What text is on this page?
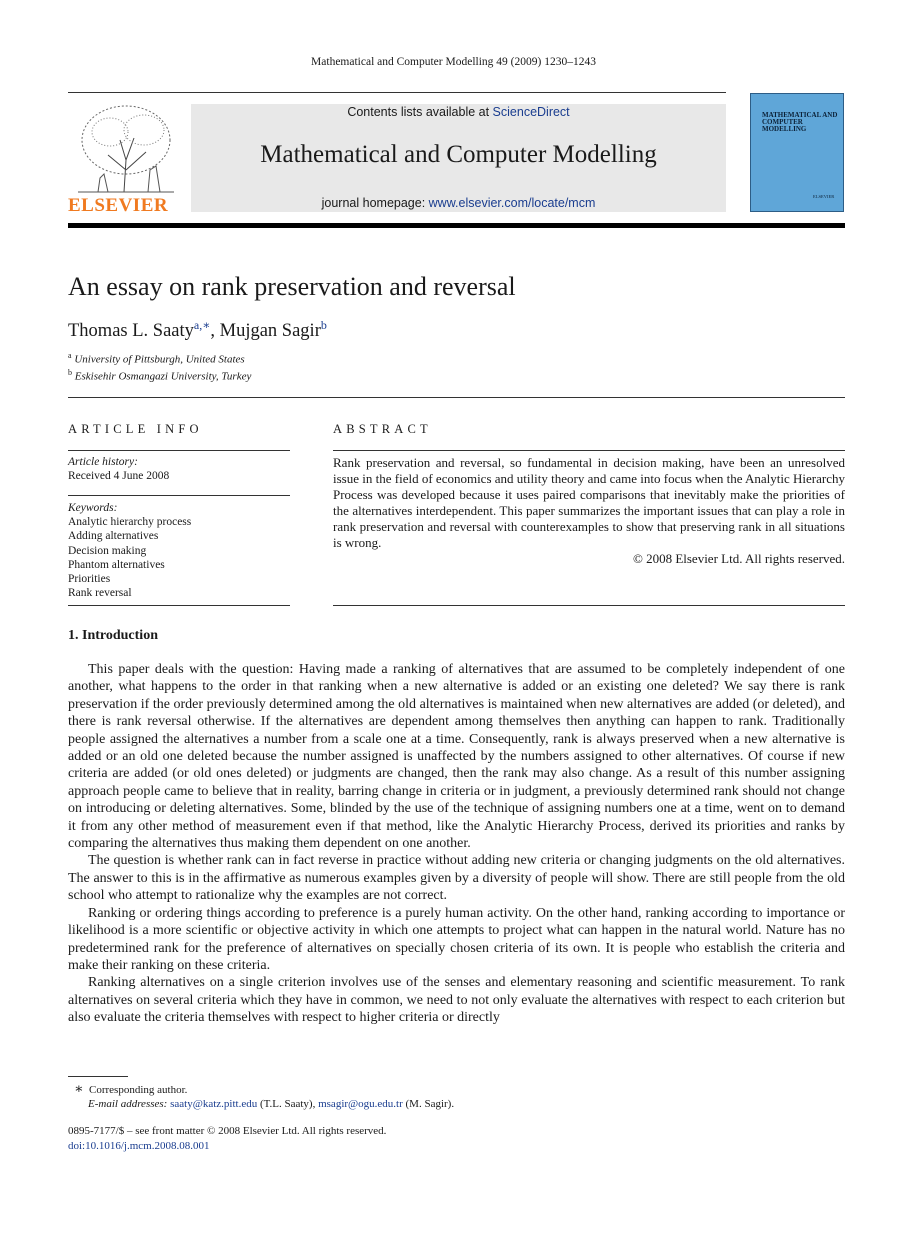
Mathematical and Computer Modelling 49 (2009) 1230–1243
ELSEVIER
Contents lists available at ScienceDirect
Mathematical and Computer Modelling
journal homepage: www.elsevier.com/locate/mcm
MATHEMATICAL AND COMPUTER MODELLING
ELSEVIER
An essay on rank preservation and reversal
Thomas L. Saaty$^{a,∗}$, Mujgan Sagir$^b$
$^a$ University of Pittsburgh, United States
$^b$ Eskisehir Osmangazi University, Turkey
ARTICLE INFO
Article history:
Received 4 June 2008
Keywords:
Analytic hierarchy process
Adding alternatives
Decision making
Phantom alternatives
Priorities
Rank reversal
ABSTRACT
Rank preservation and reversal, so fundamental in decision making, have been an unresolved issue in the field of economics and utility theory and came into focus when the Analytic Hierarchy Process was developed because it uses paired comparisons that inevitably make the priorities of the alternatives interdependent. This paper summarizes the important issues that can play a role in rank preservation and reversal with counterexamples to show that preserving rank in all situations is wrong.
© 2008 Elsevier Ltd. All rights reserved.
1. Introduction

This paper deals with the question: Having made a ranking of alternatives that are assumed to be completely independent of one another, what happens to the order in that ranking when a new alternative is added or an existing one deleted? We say there is rank preservation if the order previously determined among the old alternatives is maintained when new alternatives are added (or deleted), and there is rank reversal otherwise. If the alternatives are dependent among themselves then anything can happen to rank. Traditionally people assigned the alternatives a number from a scale one at a time. Consequently, rank is always preserved when a new alternative is added or an old one deleted because the number assigned is unaffected by the numbers assigned to other alternatives. Of course if new criteria are added (or old ones deleted) or judgments are changed, then the rank may also change. As a result of this number assigning approach people came to believe that in reality, barring change in criteria or in judgment, a previously determined rank should not change on introducing or deleting alternatives. Some, blinded by the use of the technique of assigning numbers one at a time, went on to demand it from any other method of measurement even if that method, like the Analytic Hierarchy Process, derived its priorities and ranks by comparing the alternatives thus making them dependent on one another.

The question is whether rank can in fact reverse in practice without adding new criteria or changing judgments on the old alternatives. The answer to this is in the affirmative as numerous examples given by a diversity of people will show. There are still people from the old school who attempt to rationalize why the examples are not correct.

Ranking or ordering things according to preference is a purely human activity. On the other hand, ranking according to importance or likelihood is a more scientific or objective activity in which one attempts to project what can happen in the natural world. Nature has no predetermined rank for the preference of alternatives on specially chosen criteria of its own. It is people who establish the criteria and make their ranking on these criteria.

Ranking alternatives on a single criterion involves use of the senses and elementary reasoning and scientific measurement. To rank alternatives on several criteria which they have in common, we need to not only evaluate the alternatives with respect to each criterion but also evaluate the criteria themselves with respect to higher criteria or directly

∗ Corresponding author.
E-mail addresses: saaty@katz.pitt.edu (T.L. Saaty), msagir@ogu.edu.tr (M. Sagir).
0895-7177/$ – see front matter © 2008 Elsevier Ltd. All rights reserved.
doi:10.1016/j.mcm.2008.08.001
